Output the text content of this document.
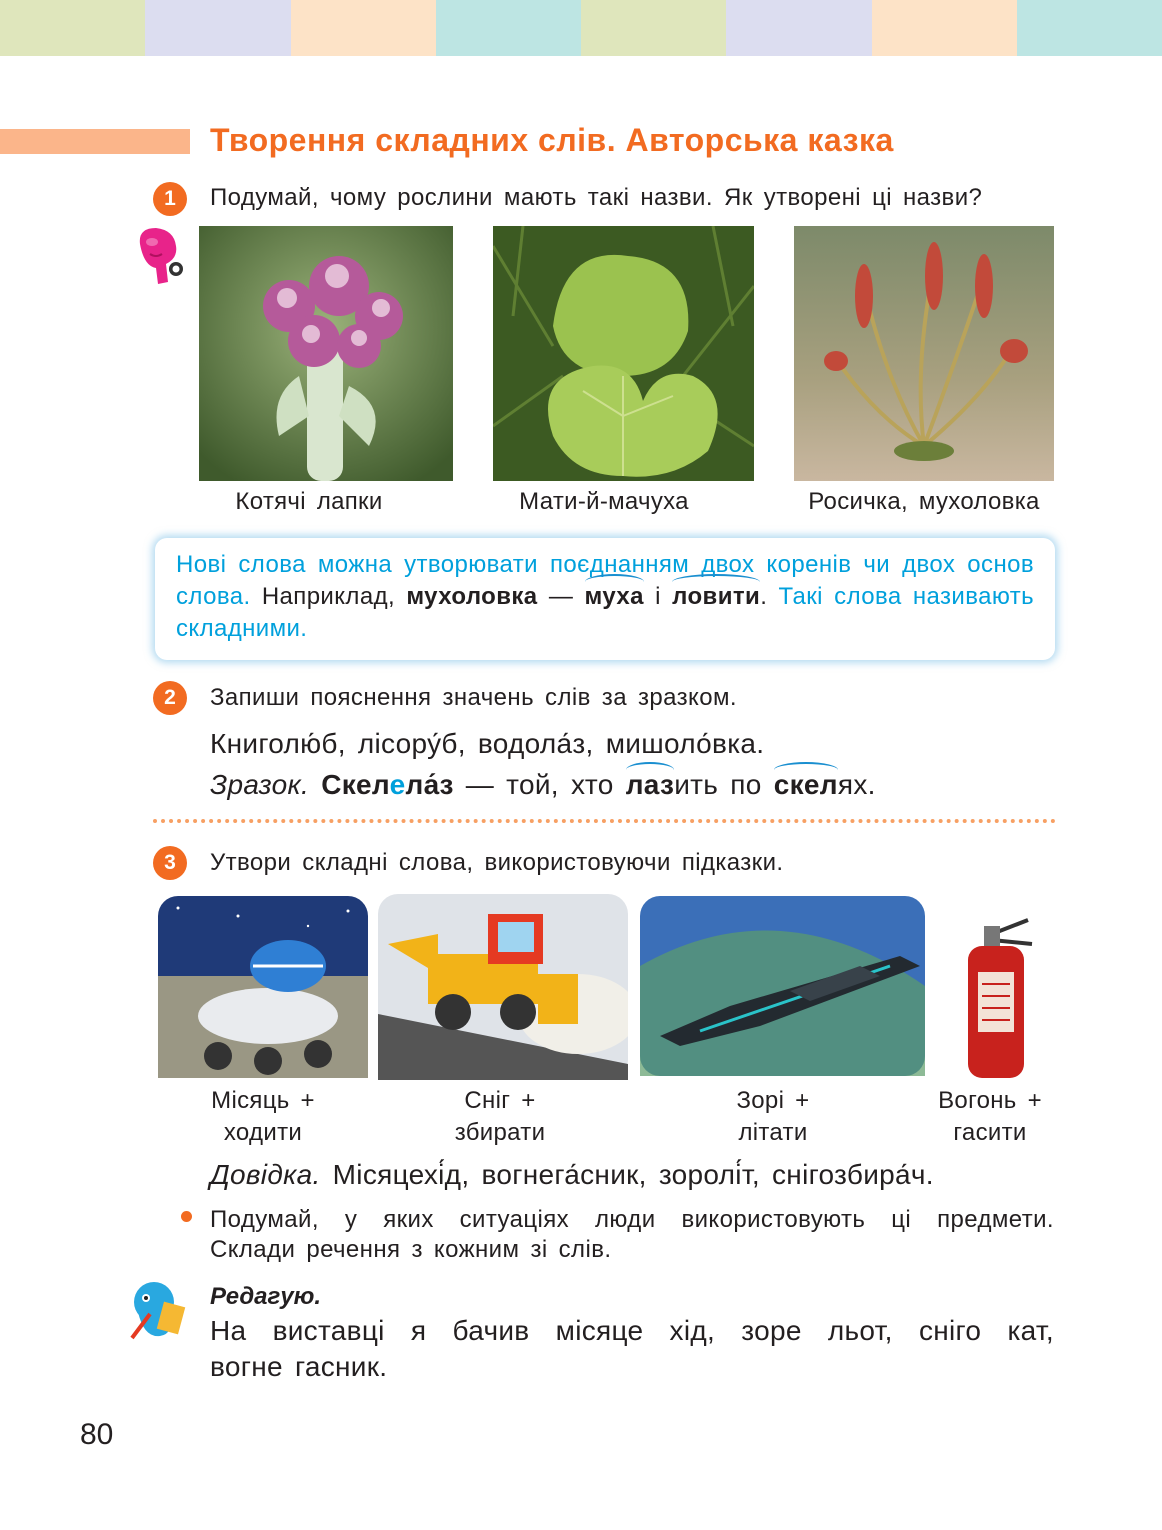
Творення складних слів. Авторська казка
1	Подумай, чому рослини мають такі назви. Як утворені ці назви?
Котячі лапки	Мати-й-мачуха	Росичка, мухоловка
Нові слова можна утворювати поєднанням двох коренів чи двох основ слова. Наприклад, мухоловка — муха і ловити. Такі слова називають складними.
2	Запиши пояснення значень слів за зразком.
Книголю́б, лісору́б, водола́з, мишоло́вка.
Зразок. Скелела́з — той, хто лазить по скелях.
3	Утвори складні слова, використовуючи підказки.
Місяць +
ходити
Сніг +
збирати
Зорі +
літати
Вогонь +
гасити
Довідка. Місяцехі́д, вогнега́сник, зоролі́т, снігозбира́ч.
Подумай, у яких ситуаціях люди використовують ці предмети.
Склади речення з кожним зі слів.
Редагую.
На виставці я бачив місяце хід, зоре льот, сніго кат,
вогне гасник.
80
